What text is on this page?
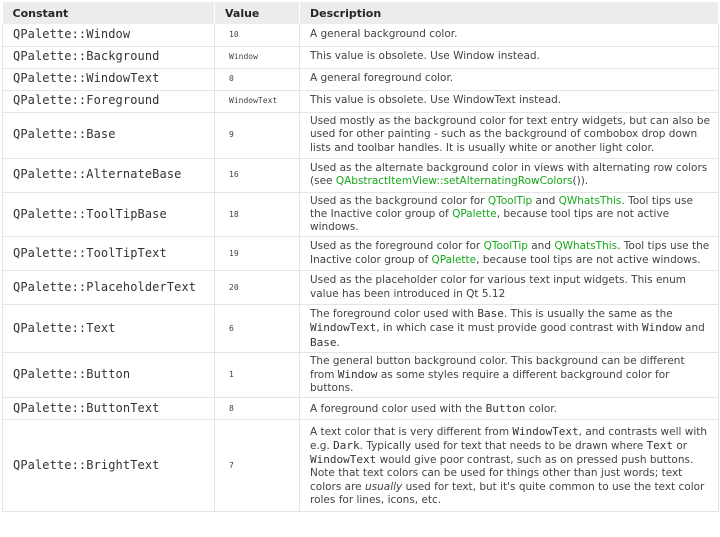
Constant	Value	Description
QPalette::Window	10	A general background color.
QPalette::Background	Window	This value is obsolete. Use Window instead.
QPalette::WindowText	0	A general foreground color.
QPalette::Foreground	WindowText	This value is obsolete. Use WindowText instead.
QPalette::Base	9	Used mostly as the background color for text entry widgets, but can also be used for other painting - such as the background of combobox drop down lists and toolbar handles. It is usually white or another light color.
QPalette::AlternateBase	16	Used as the alternate background color in views with alternating row colors (see QAbstractItemView::setAlternatingRowColors()).
QPalette::ToolTipBase	18	Used as the background color for QToolTip and QWhatsThis. Tool tips use the Inactive color group of QPalette, because tool tips are not active windows.
QPalette::ToolTipText	19	Used as the foreground color for QToolTip and QWhatsThis. Tool tips use the Inactive color group of QPalette, because tool tips are not active windows.
QPalette::PlaceholderText	20	Used as the placeholder color for various text input widgets. This enum value has been introduced in Qt 5.12
QPalette::Text	6	The foreground color used with Base. This is usually the same as the WindowText, in which case it must provide good contrast with Window and Base.
QPalette::Button	1	The general button background color. This background can be different from Window as some styles require a different background color for buttons.
QPalette::ButtonText	8	A foreground color used with the Button color.
QPalette::BrightText	7	A text color that is very different from WindowText, and contrasts well with e.g. Dark. Typically used for text that needs to be drawn where Text or WindowText would give poor contrast, such as on pressed push buttons. Note that text colors can be used for things other than just words; text colors are usually used for text, but it's quite common to use the text color roles for lines, icons, etc.
